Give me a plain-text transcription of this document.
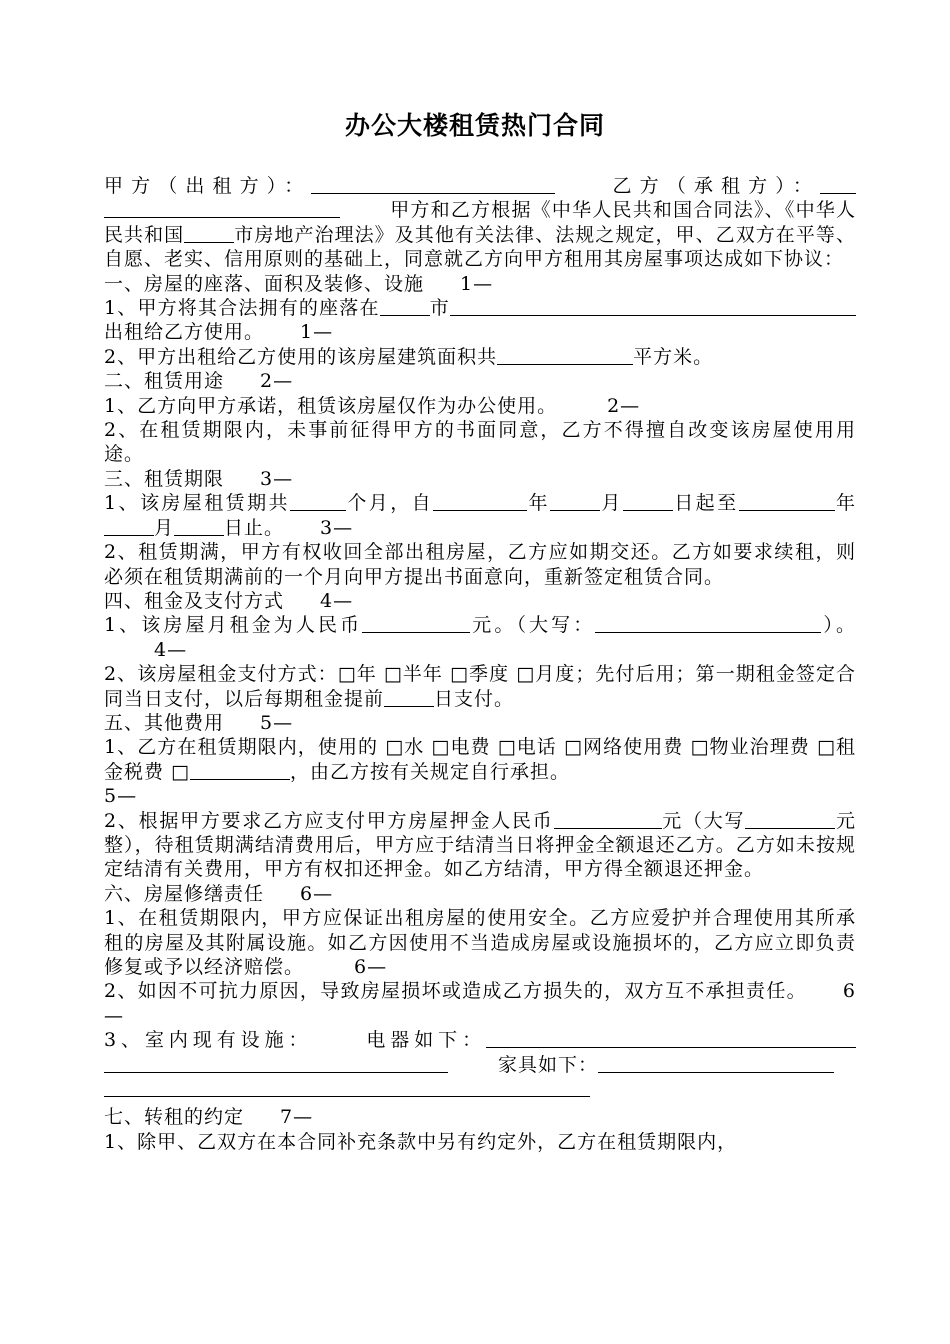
办公大楼租赁热门合同

甲方（出租方）：	乙方（承租方）：甲方和乙方根据《中华人民共和国合同法》、《中华人民共和国	市房地产治理法》及其他有关法律、法规之规定，甲、乙双方在平等、自愿、老实、信用原则的基础上，同意就乙方向甲方租用其房屋事项达成如下协议：

一、房屋的座落、面积及装修、设施 1—

1、甲方将其合法拥有的座落在	市出租给乙方使用。 1—

2、甲方出租给乙方使用的该房屋建筑面积共	平方米。

二、租赁用途 2—

1、乙方向甲方承诺，租赁该房屋仅作为办公使用。	2—

2、在租赁期限内，未事前征得甲方的书面同意，乙方不得擅自改变该房屋使用用途。

三、租赁期限 3—

1、该房屋租赁期共	个月，自	年	月	日起至	年月	日止。 3—

2、租赁期满，甲方有权收回全部出租房屋，乙方应如期交还。乙方如要求续租，则必须在租赁期满前的一个月向甲方提出书面意向，重新签定租赁合同。

四、租金及支付方式 4—

1、该房屋月租金为人民币	元。（大写：	）。4—

2、该房屋租金支付方式：□年 □半年 □季度 □月度；先付后用；第一期租金签定合同当日支付，以后每期租金提前	日支付。

五、其他费用 5—

1、乙方在租赁期限内，使用的 □水 □电费 □电话 □网络使用费 □物业治理费 □租金税费 □	，由乙方按有关规定自行承担。
5—

2、根据甲方要求乙方应支付甲方房屋押金人民币	元（大写	元整），待租赁期满结清费用后，甲方应于结清当日将押金全额退还乙方。乙方如未按规定结清有关费用，甲方有权扣还押金。如乙方结清，甲方得全额退还押金。

六、房屋修缮责任 6—

1、在租赁期限内，甲方应保证出租房屋的使用安全。乙方应爱护并合理使用其所承租的房屋及其附属设施。如乙方因使用不当造成房屋或设施损坏的，乙方应立即负责修复或予以经济赔偿。	6—

2、如因不可抗力原因，导致房屋损坏或造成乙方损失的，双方互不承担责任。 6—

3、室内现有设施：	电器如下：家具如下：

七、转租的约定 7—

1、除甲、乙双方在本合同补充条款中另有约定外，乙方在租赁期限内，
